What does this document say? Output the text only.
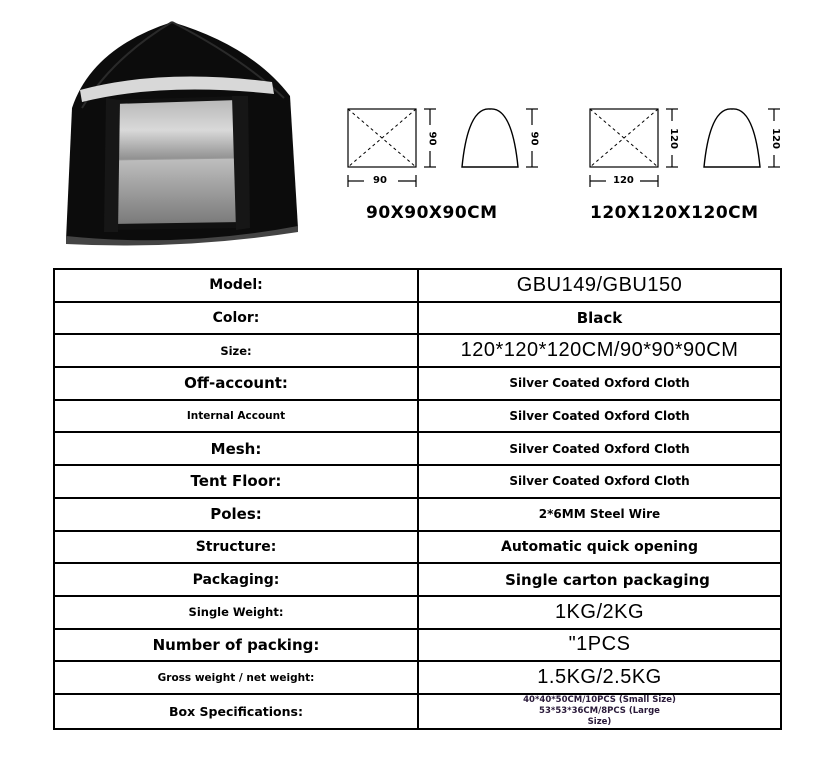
90
90	90
90X90X90CM
120
120	120
120X120X120CM
Model:	GBU149/GBU150
Color:	Black
Size:	120*120*120CM/90*90*90CM
Off-account:	Silver Coated Oxford Cloth
Internal Account	Silver Coated Oxford Cloth
Mesh:	Silver Coated Oxford Cloth
Tent Floor:	Silver Coated Oxford Cloth
Poles:	2*6MM Steel Wire
Structure:	Automatic quick opening
Packaging:	Single carton packaging
Single Weight:	1KG/2KG
Number of packing:	"1PCS
Gross weight / net weight:	1.5KG/2.5KG
Box Specifications:	40*40*50CM/10PCS (Small Size)
53*53*36CM/8PCS (Large
Size)
